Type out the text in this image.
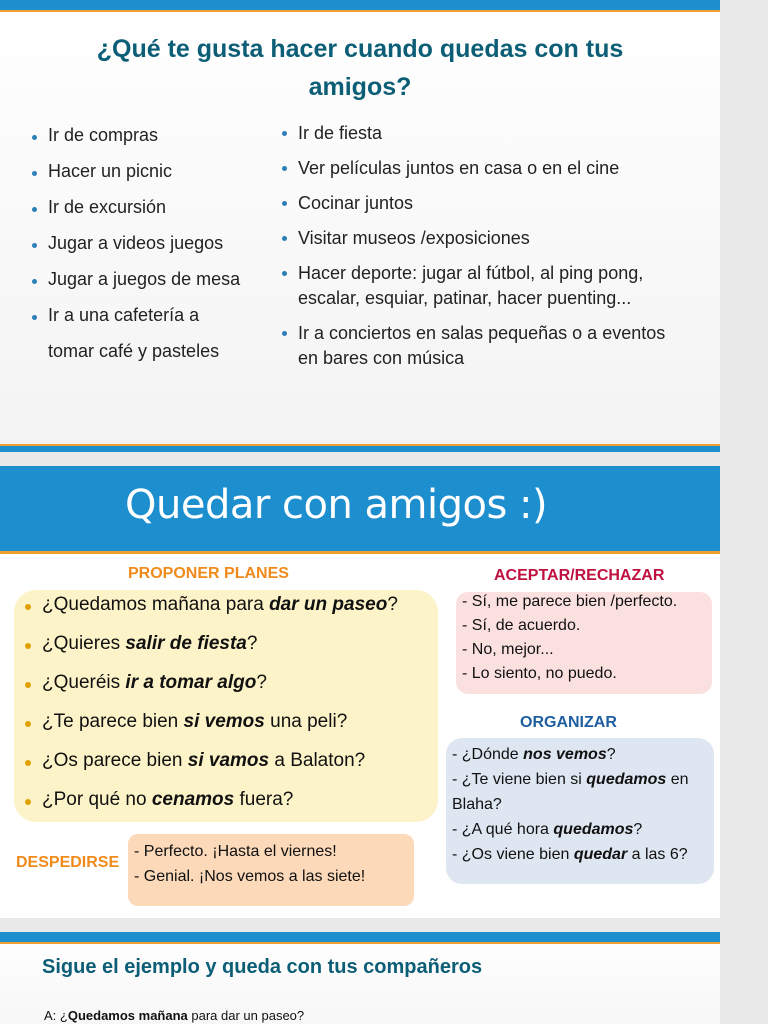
¿Qué te gusta hacer cuando quedas con tus
amigos?
Ir de compras
Hacer un picnic
Ir de excursión
Jugar a videos juegos
Jugar a juegos de mesa
Ir a una cafetería a
tomar café y pasteles
Ir de fiesta
Ver películas juntos en casa o en el cine
Cocinar juntos
Visitar museos /exposiciones
Hacer deporte: jugar al fútbol, al ping pong,
escalar, esquiar, patinar, hacer puenting...
Ir a conciertos en salas pequeñas o a eventos
en bares con música
Quedar con amigos :)
PROPONER PLANES	ACEPTAR/RECHAZAR
ORGANIZAR
DESPEDIRSE
¿Quedamos mañana para dar un paseo?
¿Quieres salir de fiesta?
¿Queréis ir a tomar algo?
¿Te parece bien si vemos una peli?
¿Os parece bien si vamos a Balaton?
¿Por qué no cenamos fuera?
- Sí, me parece bien /perfecto.
- Sí, de acuerdo.
- No, mejor...
- Lo siento, no puedo.
- ¿Dónde nos vemos?
- ¿Te viene bien si quedamos en
Blaha?
- ¿A qué hora quedamos?
- ¿Os viene bien quedar a las 6?
- Perfecto. ¡Hasta el viernes!
- Genial. ¡Nos vemos a las siete!
Sigue el ejemplo y queda con tus compañeros
A: ¿Quedamos mañana para dar un paseo?
